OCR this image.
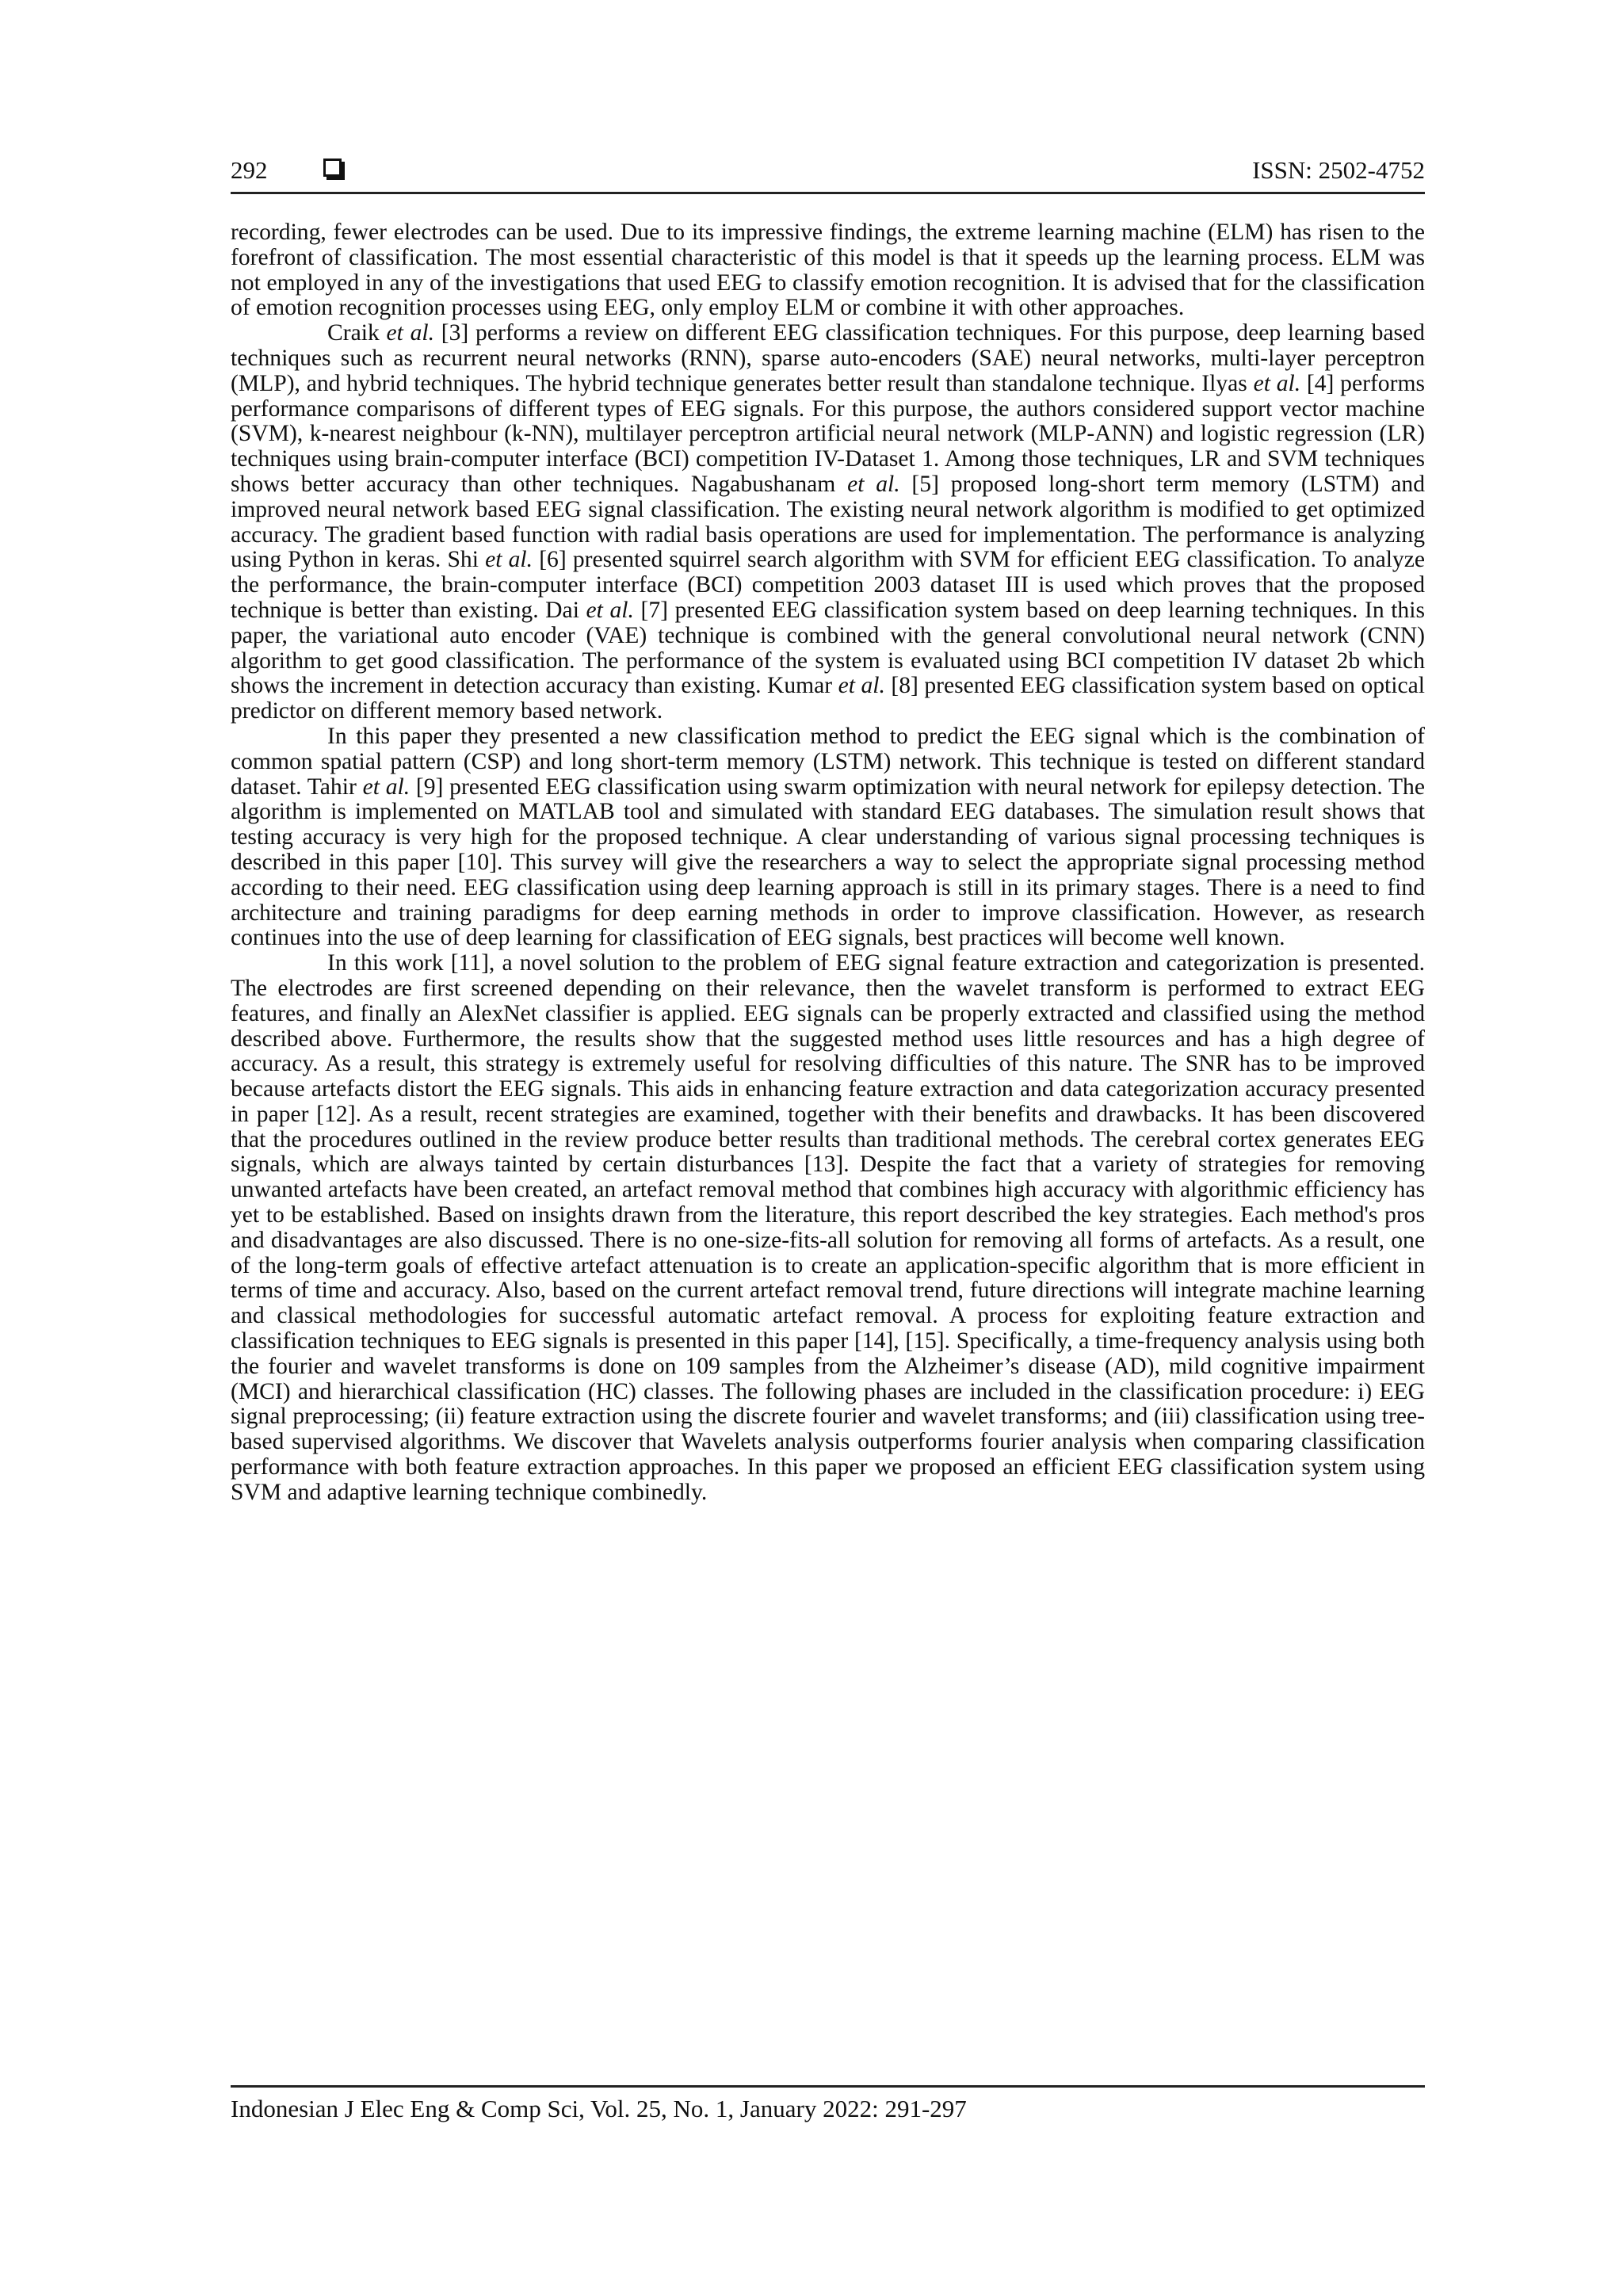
292	ISSN: 2502-4752

recording, fewer electrodes can be used. Due to its impressive findings, the extreme learning machine (ELM) has risen to the forefront of classification. The most essential characteristic of this model is that it speeds up the learning process. ELM was not employed in any of the investigations that used EEG to classify emotion recognition. It is advised that for the classification of emotion recognition processes using EEG, only employ ELM or combine it with other approaches.

Craik et al. [3] performs a review on different EEG classification techniques. For this purpose, deep learning based techniques such as recurrent neural networks (RNN), sparse auto-encoders (SAE) neural networks, multi-layer perceptron (MLP), and hybrid techniques. The hybrid technique generates better result than standalone technique. Ilyas et al. [4] performs performance comparisons of different types of EEG signals. For this purpose, the authors considered support vector machine (SVM), k-nearest neighbour (k-NN), multilayer perceptron artificial neural network (MLP-ANN) and logistic regression (LR) techniques using brain-computer interface (BCI) competition IV-Dataset 1. Among those techniques, LR and SVM techniques shows better accuracy than other techniques. Nagabushanam et al. [5] proposed long-short term memory (LSTM) and improved neural network based EEG signal classification. The existing neural network algorithm is modified to get optimized accuracy. The gradient based function with radial basis operations are used for implementation. The performance is analyzing using Python in keras. Shi et al. [6] presented squirrel search algorithm with SVM for efficient EEG classification. To analyze the performance, the brain-computer interface (BCI) competition 2003 dataset III is used which proves that the proposed technique is better than existing. Dai et al. [7] presented EEG classification system based on deep learning techniques. In this paper, the variational auto encoder (VAE) technique is combined with the general convolutional neural network (CNN) algorithm to get good classification. The performance of the system is evaluated using BCI competition IV dataset 2b which shows the increment in detection accuracy than existing. Kumar et al. [8] presented EEG classification system based on optical predictor on different memory based network.

In this paper they presented a new classification method to predict the EEG signal which is the combination of common spatial pattern (CSP) and long short-term memory (LSTM) network. This technique is tested on different standard dataset. Tahir et al. [9] presented EEG classification using swarm optimization with neural network for epilepsy detection. The algorithm is implemented on MATLAB tool and simulated with standard EEG databases. The simulation result shows that testing accuracy is very high for the proposed technique. A clear understanding of various signal processing techniques is described in this paper [10]. This survey will give the researchers a way to select the appropriate signal processing method according to their need. EEG classification using deep learning approach is still in its primary stages. There is a need to find architecture and training paradigms for deep earning methods in order to improve classification. However, as research continues into the use of deep learning for classification of EEG signals, best practices will become well known.

In this work [11], a novel solution to the problem of EEG signal feature extraction and categorization is presented. The electrodes are first screened depending on their relevance, then the wavelet transform is performed to extract EEG features, and finally an AlexNet classifier is applied. EEG signals can be properly extracted and classified using the method described above. Furthermore, the results show that the suggested method uses little resources and has a high degree of accuracy. As a result, this strategy is extremely useful for resolving difficulties of this nature. The SNR has to be improved because artefacts distort the EEG signals. This aids in enhancing feature extraction and data categorization accuracy presented in paper [12]. As a result, recent strategies are examined, together with their benefits and drawbacks. It has been discovered that the procedures outlined in the review produce better results than traditional methods. The cerebral cortex generates EEG signals, which are always tainted by certain disturbances [13]. Despite the fact that a variety of strategies for removing unwanted artefacts have been created, an artefact removal method that combines high accuracy with algorithmic efficiency has yet to be established. Based on insights drawn from the literature, this report described the key strategies. Each method's pros and disadvantages are also discussed. There is no one-size-fits-all solution for removing all forms of artefacts. As a result, one of the long-term goals of effective artefact attenuation is to create an application-specific algorithm that is more efficient in terms of time and accuracy. Also, based on the current artefact removal trend, future directions will integrate machine learning and classical methodologies for successful automatic artefact removal. A process for exploiting feature extraction and classification techniques to EEG signals is presented in this paper [14], [15]. Specifically, a time-frequency analysis using both the fourier and wavelet transforms is done on 109 samples from the Alzheimer’s disease (AD), mild cognitive impairment (MCI) and hierarchical classification (HC) classes. The following phases are included in the classification procedure: i) EEG signal preprocessing; (ii) feature extraction using the discrete fourier and wavelet transforms; and (iii) classification using tree-based supervised algorithms. We discover that Wavelets analysis outperforms fourier analysis when comparing classification performance with both feature extraction approaches. In this paper we proposed an efficient EEG classification system using SVM and adaptive learning technique combinedly.

Indonesian J Elec Eng & Comp Sci, Vol. 25, No. 1, January 2022: 291-297
